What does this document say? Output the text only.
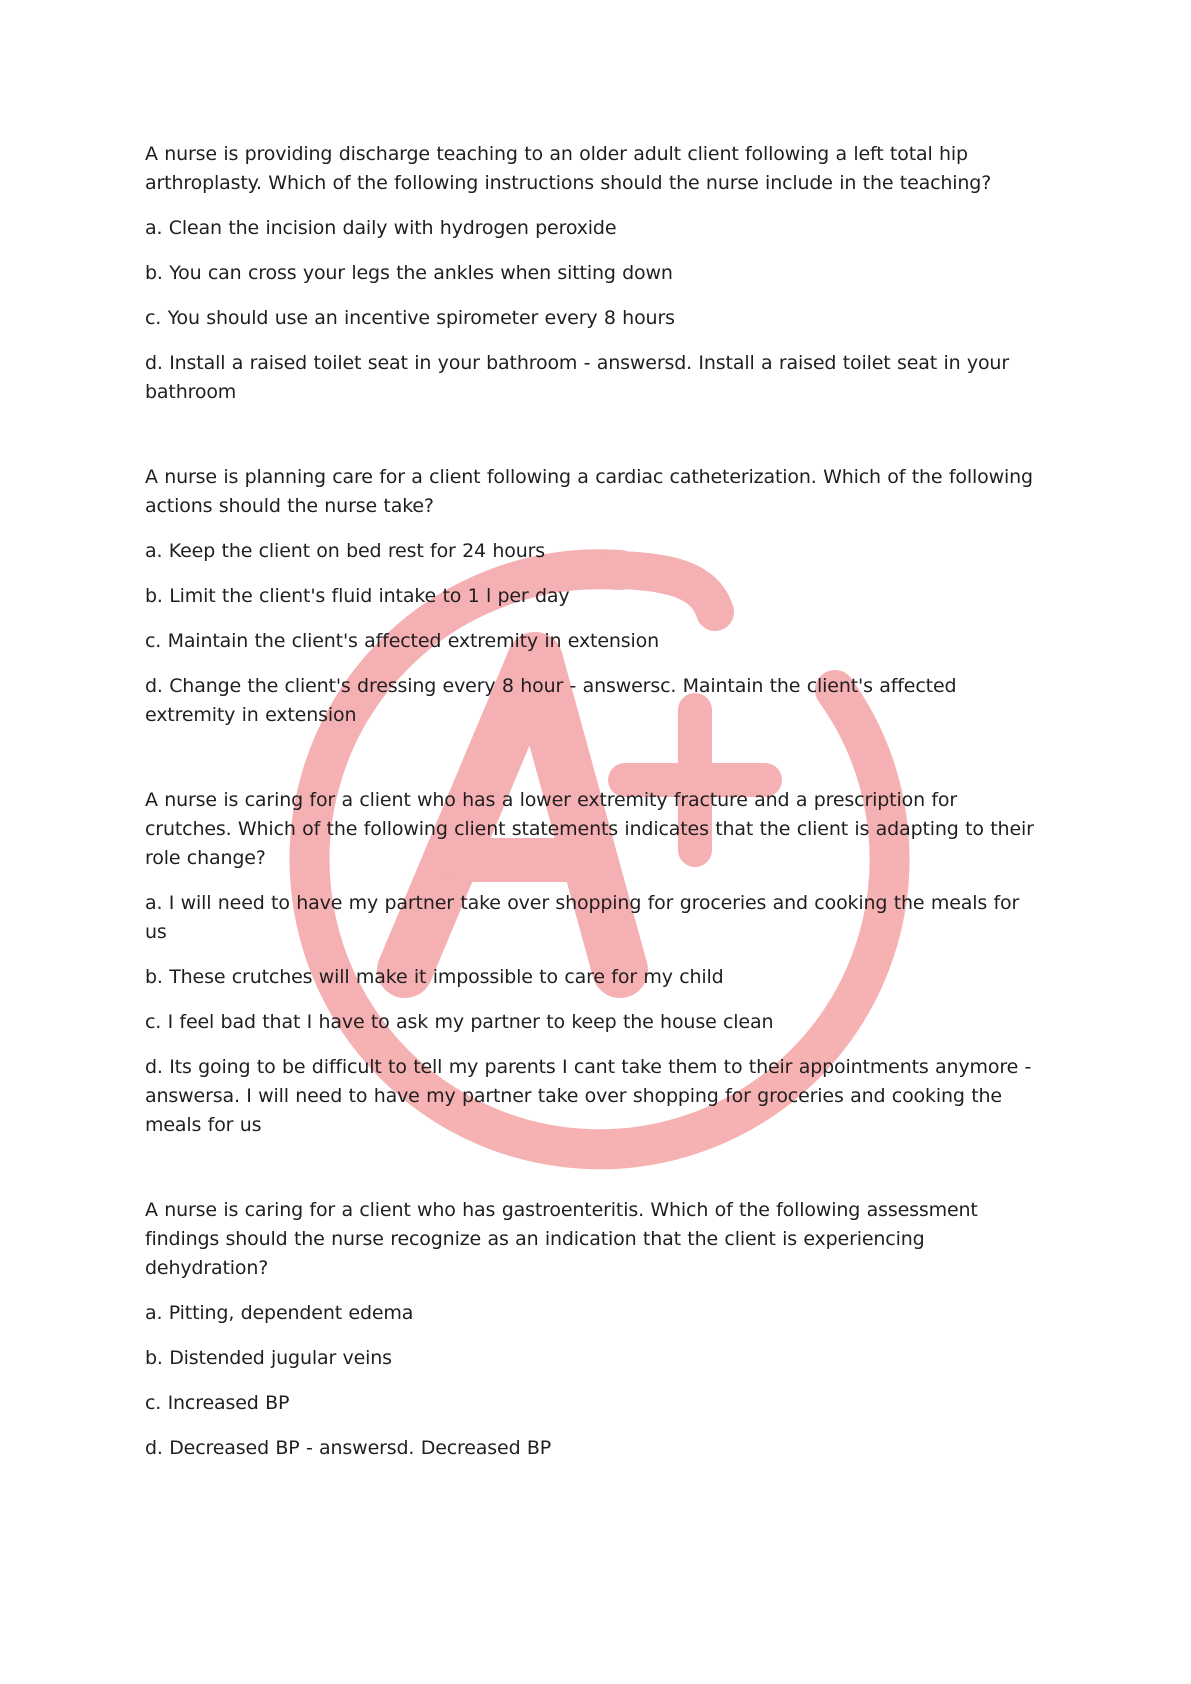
A nurse is providing discharge teaching to an older adult client following a left total hip arthroplasty. Which of the following instructions should the nurse include in the teaching?

a. Clean the incision daily with hydrogen peroxide

b. You can cross your legs the ankles when sitting down

c. You should use an incentive spirometer every 8 hours

d. Install a raised toilet seat in your bathroom - answersd. Install a raised toilet seat in your bathroom

A nurse is planning care for a client following a cardiac catheterization. Which of the following actions should the nurse take?

a. Keep the client on bed rest for 24 hours

b. Limit the client's fluid intake to 1 l per day

c. Maintain the client's affected extremity in extension

d. Change the client's dressing every 8 hour - answersc. Maintain the client's affected extremity in extension

A nurse is caring for a client who has a lower extremity fracture and a prescription for crutches. Which of the following client statements indicates that the client is adapting to their role change?

a. I will need to have my partner take over shopping for groceries and cooking the meals for us

b. These crutches will make it impossible to care for my child

c. I feel bad that I have to ask my partner to keep the house clean

d. Its going to be difficult to tell my parents I cant take them to their appointments anymore - answersa. I will need to have my partner take over shopping for groceries and cooking the meals for us

A nurse is caring for a client who has gastroenteritis. Which of the following assessment findings should the nurse recognize as an indication that the client is experiencing dehydration?

a. Pitting, dependent edema

b. Distended jugular veins

c. Increased BP

d. Decreased BP - answersd. Decreased BP
